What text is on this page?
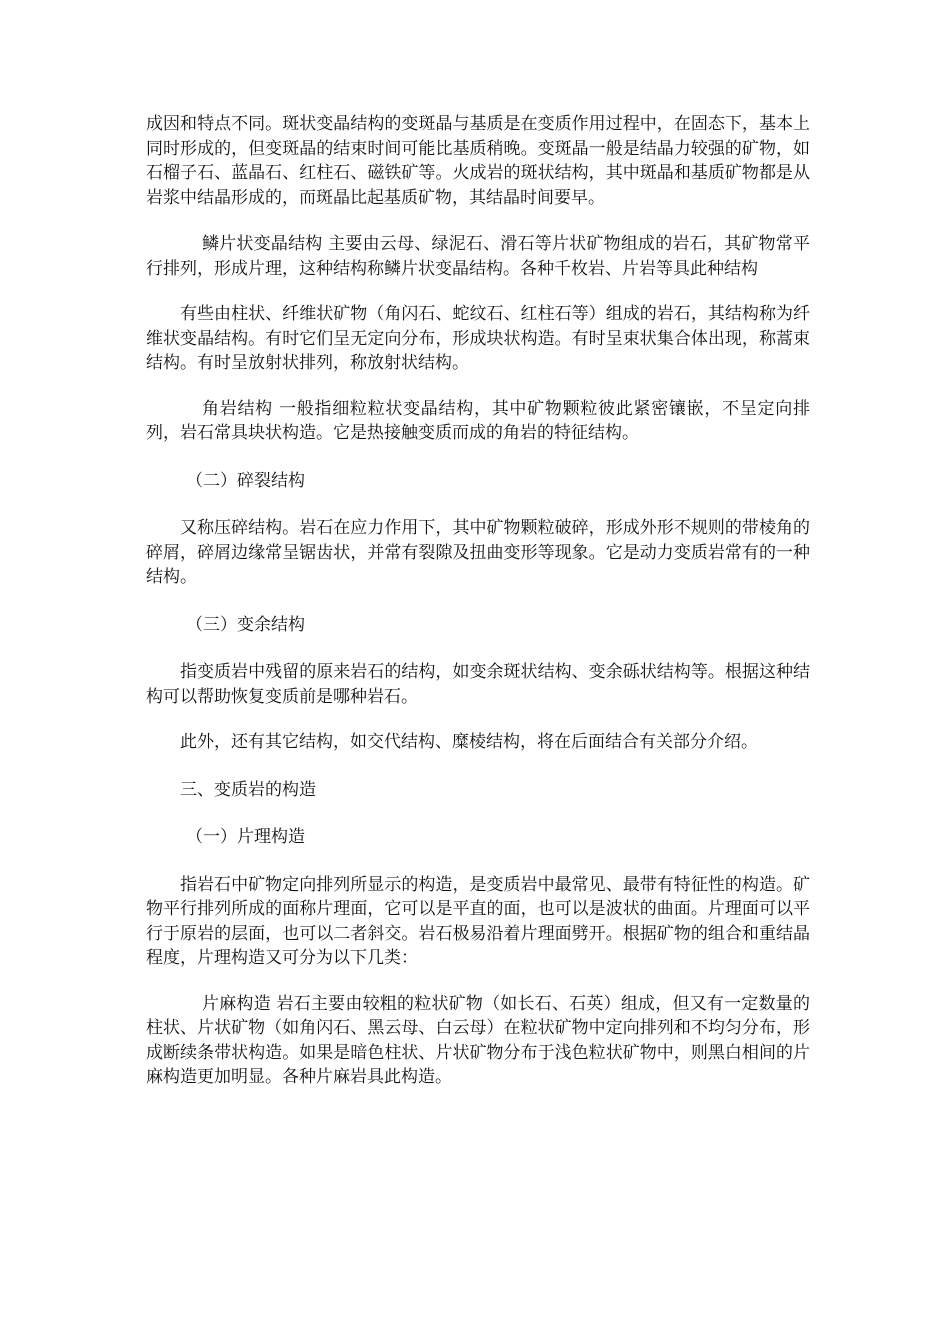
成因和特点不同。斑状变晶结构的变斑晶与基质是在变质作用过程中，在固态下，基本上同时形成的，但变斑晶的结束时间可能比基质稍晚。变斑晶一般是结晶力较强的矿物，如石榴子石、蓝晶石、红柱石、磁铁矿等。火成岩的斑状结构，其中斑晶和基质矿物都是从岩浆中结晶形成的，而斑晶比起基质矿物，其结晶时间要早。

鳞片状变晶结构 主要由云母、绿泥石、滑石等片状矿物组成的岩石，其矿物常平行排列，形成片理，这种结构称鳞片状变晶结构。各种千枚岩、片岩等具此种结构

有些由柱状、纤维状矿物（角闪石、蛇纹石、红柱石等）组成的岩石，其结构称为纤维状变晶结构。有时它们呈无定向分布，形成块状构造。有时呈束状集合体出现，称蒿束结构。有时呈放射状排列，称放射状结构。

角岩结构 一般指细粒粒状变晶结构，其中矿物颗粒彼此紧密镶嵌，不呈定向排列，岩石常具块状构造。它是热接触变质而成的角岩的特征结构。

（二）碎裂结构

又称压碎结构。岩石在应力作用下，其中矿物颗粒破碎，形成外形不规则的带棱角的碎屑，碎屑边缘常呈锯齿状，并常有裂隙及扭曲变形等现象。它是动力变质岩常有的一种结构。

（三）变余结构

指变质岩中残留的原来岩石的结构，如变余斑状结构、变余砾状结构等。根据这种结构可以帮助恢复变质前是哪种岩石。

此外，还有其它结构，如交代结构、糜棱结构，将在后面结合有关部分介绍。

三、变质岩的构造

（一）片理构造

指岩石中矿物定向排列所显示的构造，是变质岩中最常见、最带有特征性的构造。矿物平行排列所成的面称片理面，它可以是平直的面，也可以是波状的曲面。片理面可以平行于原岩的层面，也可以二者斜交。岩石极易沿着片理面劈开。根据矿物的组合和重结晶程度，片理构造又可分为以下几类：

片麻构造 岩石主要由较粗的粒状矿物（如长石、石英）组成，但又有一定数量的柱状、片状矿物（如角闪石、黑云母、白云母）在粒状矿物中定向排列和不均匀分布，形成断续条带状构造。如果是暗色柱状、片状矿物分布于浅色粒状矿物中，则黑白相间的片麻构造更加明显。各种片麻岩具此构造。
